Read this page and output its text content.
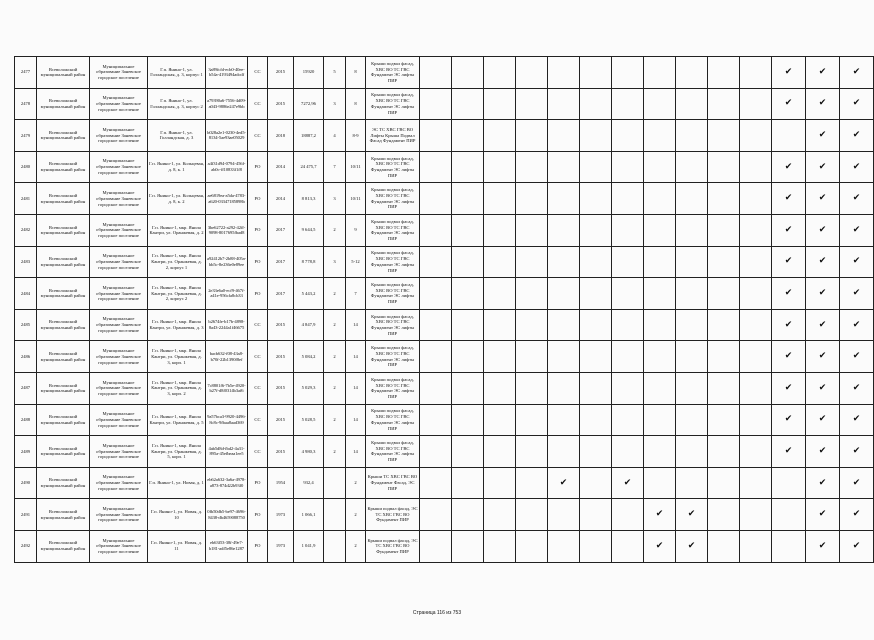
2477	Всеволожский муниципальный район	Муниципальное образование Заневское городское поселение	Г.п. Янино-1, ул. Голландская, д. 3, корпус 1	3a89fcfd-ecb0-40ee-b54a-4193494adcdf	СС	2015	15920	5	8	Крыши подвал фасад, ХВС ВО ТС ГВС Фундамент ЭС лифты ПИР												✔	✔	✔
2478	Всеволожский муниципальный район	Муниципальное образование Заневское городское поселение	Г.п. Янино-1, ул. Голландская, д. 3, корпус 2	a79390a6-7556-4d09-a043-9886e247e9bb	СС	2015	7272,96	3	8	Крыши подвал фасад, ХВС ВО ТС ГВС Фундамент ЭС лифты ПИР												✔	✔	✔
2479	Всеволожский муниципальный район	Муниципальное образование Заневское городское поселение	Г.п. Янино-1, ул. Голландская, д. 3	b028a2e1-0230-4ed5-8134-5ae93ae05029	СС	2018	18887,2	4	8-9	ЭС ТС ХВС ГВС ВО Лифты Крыша Подвал Фасад Фундамент ПИР													✔	✔
2480	Всеволожский муниципальный район	Муниципальное образование Заневское городское поселение	Г.п. Янино-1, ул. Кольцевая, д. 8, к. 1	a4f31d94-0794-456f-ab0c-ff10833f1f8	РО	2014	24 475,7	7	10/11	Крыши подвал фасад, ХВС ВО ТС ГВС Фундамент ЭС лифты ПИР												✔	✔	✔
2481	Всеволожский муниципальный район	Муниципальное образование Заневское городское поселение	Г.п. Янино-1, ул. Кольцевая, д. 8, к. 2	ae6819ea-a5da-4783-a620-03347185898b	РО	2014	8 813,3	3	10/11	Крыши подвал фасад, ХВС ВО ТС ГВС Фундамент ЭС лифты ПИР												✔	✔	✔
2482	Всеволожский муниципальный район	Муниципальное образование Заневское городское поселение	Г.п. Янино-1, мкр. Янила Кантри, ул. Оранжевая, д. 2	3be62722-a292-42ff-9098-8017695fbad8	РО	2017	9 644,5	2	9	Крыши подвал фасад, ХВС ВО ТС ГВС Фундамент ЭС лифты ПИР												✔	✔	✔
2483	Всеволожский муниципальный район	Муниципальное образование Заневское городское поселение	Г.п. Янино-1, мкр. Янила Кантри, ул. Оранжевая, д. 2, корпус 1	a92412b7-2b88-405a-bb5c-8e236e0e89ee	РО	2017	8 778,8	3	5-12	Крыши подвал фасад, ХВС ВО ТС ГВС Фундамент ЭС лифты ПИР												✔	✔	✔
2484	Всеволожский муниципальный район	Муниципальное образование Заневское городское поселение	Г.п. Янино-1, мкр. Янила Кантри, ул. Оранжевая, д. 2, корпус 2	2e33e6a0-ecf9-467f-a41e-956cfa8cb33	РО	2017	5 443,2	2	7	Крыши подвал фасад, ХВС ВО ТС ГВС Фундамент ЭС лифты ПИР												✔	✔	✔
2485	Всеволожский муниципальный район	Муниципальное образование Заневское городское поселение	Г.п. Янино-1, мкр. Янила Кантри, ул. Оранжевая, д. 3	b2674fe-b17b-4898-8a43-2244a1f46675	СС	2015	4 847,9	2	14	Крыши подвал фасад, ХВС ВО ТС ГВС Фундамент ЭС лифты ПИР												✔	✔	✔
2486	Всеволожский муниципальный район	Муниципальное образование Заневское городское поселение	Г.п. Янино-1, мкр. Янила Кантри, ул. Оранжевая, д. 3, корп. 1	bacb632-f08-43a8-b70f-22b1390f8ef	СС	2015	5 084,2	2	14	Крыши подвал фасад, ХВС ВО ТС ГВС Фундамент ЭС лифты ПИР												✔	✔	✔
2487	Всеволожский муниципальный район	Муниципальное образование Заневское городское поселение	Г.п. Янино-1, мкр. Янила Кантри, ул. Оранжевая, д. 3, корп. 2	7c8801f6-7b5e-4920-b27f-d8f0314b3af6	СС	2015	5 029,3	2	14	Крыши подвал фасад, ХВС ВО ТС ГВС Фундамент ЭС лифты ПИР												✔	✔	✔
2488	Всеволожский муниципальный район	Муниципальное образование Заневское городское поселение	Г.п. Янино-1, мкр. Янила Кантри, ул. Оранжевая, д. 5	9a57bca3-9920-4496-8c8c-9fbaa8aad369	СС	2015	5 028,5	2	14	Крыши подвал фасад, ХВС ВО ТС ГВС Фундамент ЭС лифты ПИР												✔	✔	✔
2489	Всеволожский муниципальный район	Муниципальное образование Заневское городское поселение	Г.п. Янино-1, мкр. Янила Кантри, ул. Оранжевая, д. 5, корп. 1	4ab5d8d-fbd2-4a31-895a-45efbeaa1ee5	СС	2015	4 980,3	2	14	Крыши подвал фасад, ХВС ВО ТС ГВС Фундамент ЭС лифты ПИР												✔	✔	✔
2490	Всеволожский муниципальный район	Муниципальное образование Заневское городское поселение	Г.п. Янино-1, ул. Новая, д. 1	eb62a632-3a6a-4978-a873-874d22b93f0	РО	1954	932,4		2	Крыши ТС ХВС ГВС ВО Фундамент Фасад, ЭС ПИР					✔		✔						✔	✔
2491	Всеволожский муниципальный район	Муниципальное образование Заневское городское поселение	Г.п. Янино-1, ул. Новая, д. 10	0fb50db5-be97-4696-8438-db4659088750	РО	1973	1 066,1		2	Крыши подвал фасад, ЭС ТС ХВС ГВС ВО Фундамент ПИР								✔	✔				✔	✔
2492	Всеволожский муниципальный район	Муниципальное образование Заневское городское поселение	Г.п. Янино-1, ул. Новая, д. 11	eb63f53-38f-49e7-b181-adf5e86e1287	РО	1973	1 041,9		2	Крыши подвал фасад, ЭС ТС ХВС ГВС ВО Фундамент ПИР								✔	✔				✔	✔
Страница 116 из 753
